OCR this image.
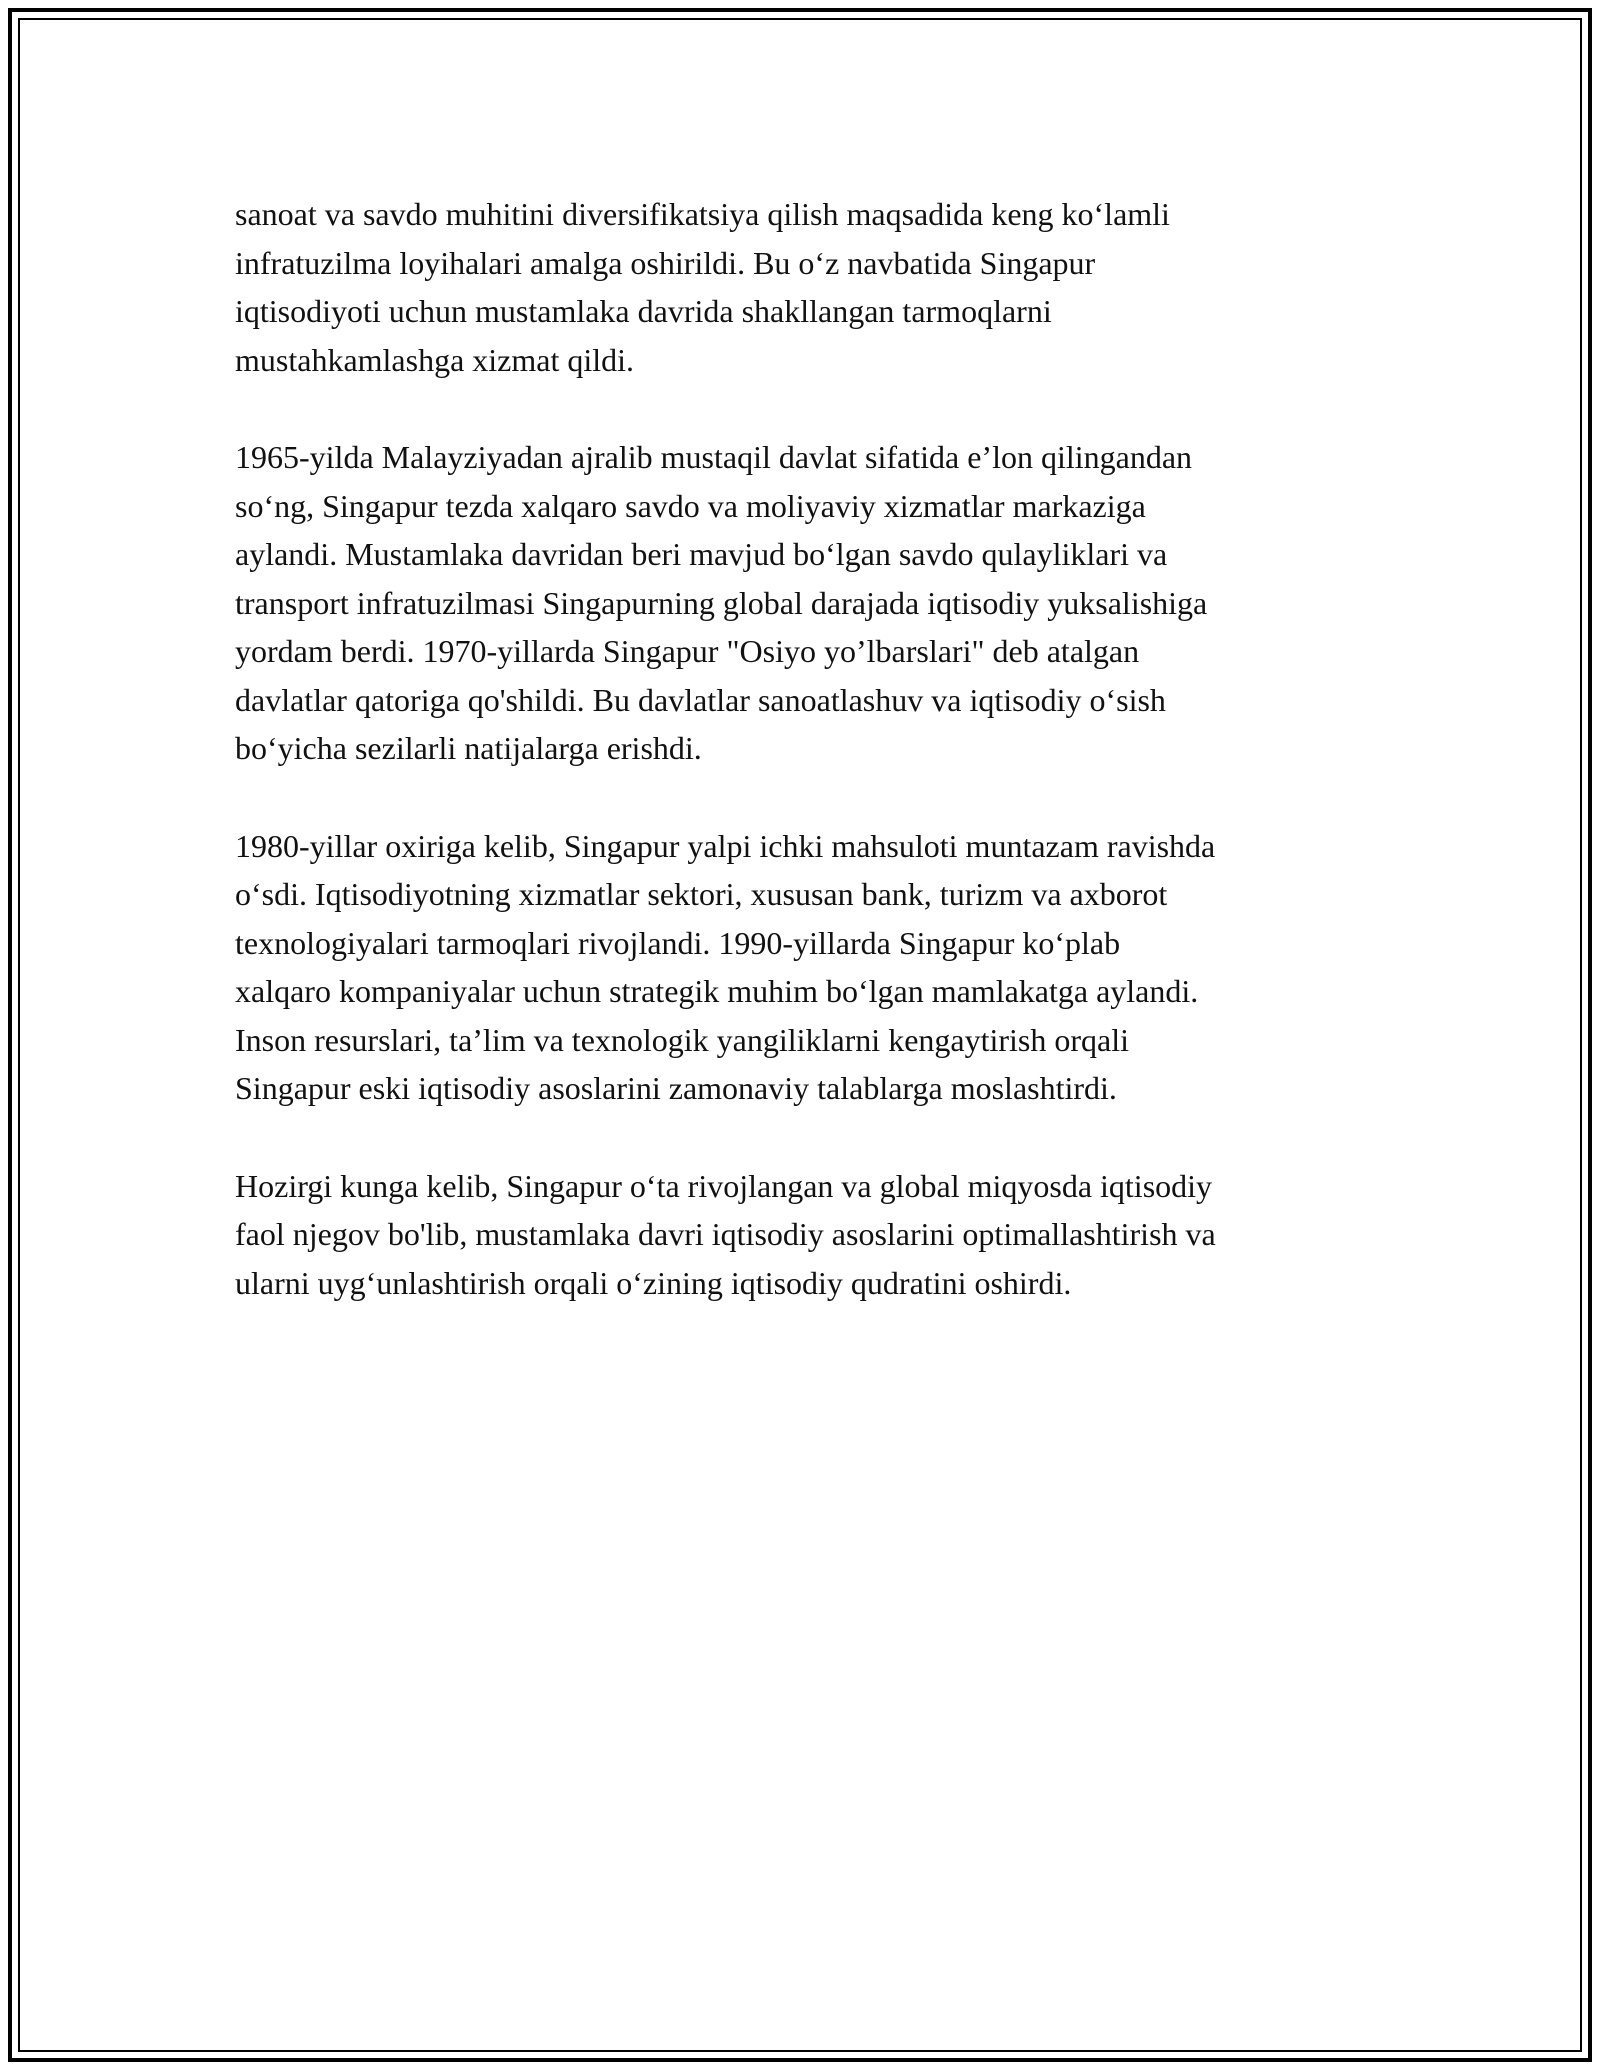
sanoat va savdo muhitini diversifikatsiya qilish maqsadida keng ko‘lamli
infratuzilma loyihalari amalga oshirildi. Bu o‘z navbatida Singapur
iqtisodiyoti uchun mustamlaka davrida shakllangan tarmoqlarni
mustahkamlashga xizmat qildi.

1965-yilda Malayziyadan ajralib mustaqil davlat sifatida e’lon qilingandan
so‘ng, Singapur tezda xalqaro savdo va moliyaviy xizmatlar markaziga
aylandi. Mustamlaka davridan beri mavjud bo‘lgan savdo qulayliklari va
transport infratuzilmasi Singapurning global darajada iqtisodiy yuksalishiga
yordam berdi. 1970-yillarda Singapur "Osiyo yo’lbarslari" deb atalgan
davlatlar qatoriga qo'shildi. Bu davlatlar sanoatlashuv va iqtisodiy o‘sish
bo‘yicha sezilarli natijalarga erishdi.

1980-yillar oxiriga kelib, Singapur yalpi ichki mahsuloti muntazam ravishda
o‘sdi. Iqtisodiyotning xizmatlar sektori, xususan bank, turizm va axborot
texnologiyalari tarmoqlari rivojlandi. 1990-yillarda Singapur ko‘plab
xalqaro kompaniyalar uchun strategik muhim bo‘lgan mamlakatga aylandi.
Inson resurslari, ta’lim va texnologik yangiliklarni kengaytirish orqali
Singapur eski iqtisodiy asoslarini zamonaviy talablarga moslashtirdi.

Hozirgi kunga kelib, Singapur o‘ta rivojlangan va global miqyosda iqtisodiy
faol njegov bo'lib, mustamlaka davri iqtisodiy asoslarini optimallashtirish va
ularni uyg‘unlashtirish orqali o‘zining iqtisodiy qudratini oshirdi.
